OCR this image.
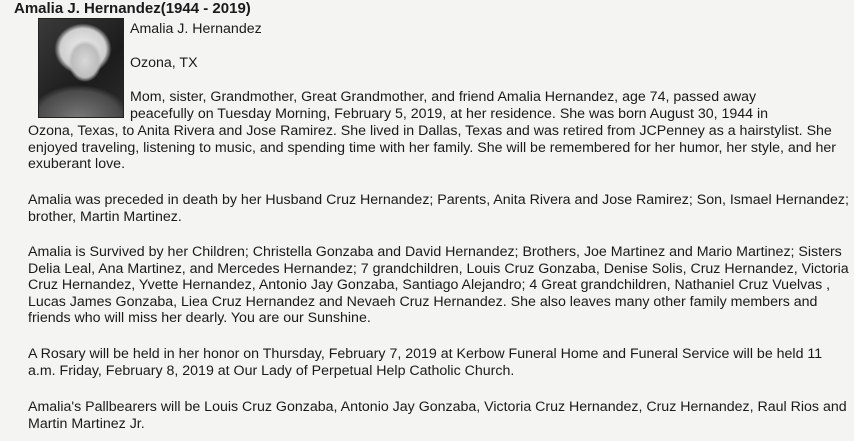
Amalia J. Hernandez(1944 - 2019)
Amalia J. Hernandez
Ozona, TX
Mom, sister, Grandmother, Great Grandmother, and friend Amalia Hernandez, age 74, passed away
peacefully on Tuesday Morning, February 5, 2019, at her residence. She was born August 30, 1944 in

Ozona, Texas, to Anita Rivera and Jose Ramirez. She lived in Dallas, Texas and was retired from JCPenney as a hairstylist. She enjoyed traveling, listening to music, and spending time with her family. She will be remembered for her humor, her style, and her exuberant love.

Amalia was preceded in death by her Husband Cruz Hernandez; Parents, Anita Rivera and Jose Ramirez; Son, Ismael Hernandez; brother, Martin Martinez.

Amalia is Survived by her Children; Christella Gonzaba and David Hernandez; Brothers, Joe Martinez and Mario Martinez; Sisters Delia Leal, Ana Martinez, and Mercedes Hernandez; 7 grandchildren, Louis Cruz Gonzaba, Denise Solis, Cruz Hernandez, Victoria Cruz Hernandez, Yvette Hernandez, Antonio Jay Gonzaba, Santiago Alejandro; 4 Great grandchildren, Nathaniel Cruz Vuelvas , Lucas James Gonzaba, Liea Cruz Hernandez and Nevaeh Cruz Hernandez. She also leaves many other family members and friends who will miss her dearly. You are our Sunshine.

A Rosary will be held in her honor on Thursday, February 7, 2019 at Kerbow Funeral Home and Funeral Service will be held 11 a.m. Friday, February 8, 2019 at Our Lady of Perpetual Help Catholic Church.

Amalia's Pallbearers will be Louis Cruz Gonzaba, Antonio Jay Gonzaba, Victoria Cruz Hernandez, Cruz Hernandez, Raul Rios and Martin Martinez Jr.
